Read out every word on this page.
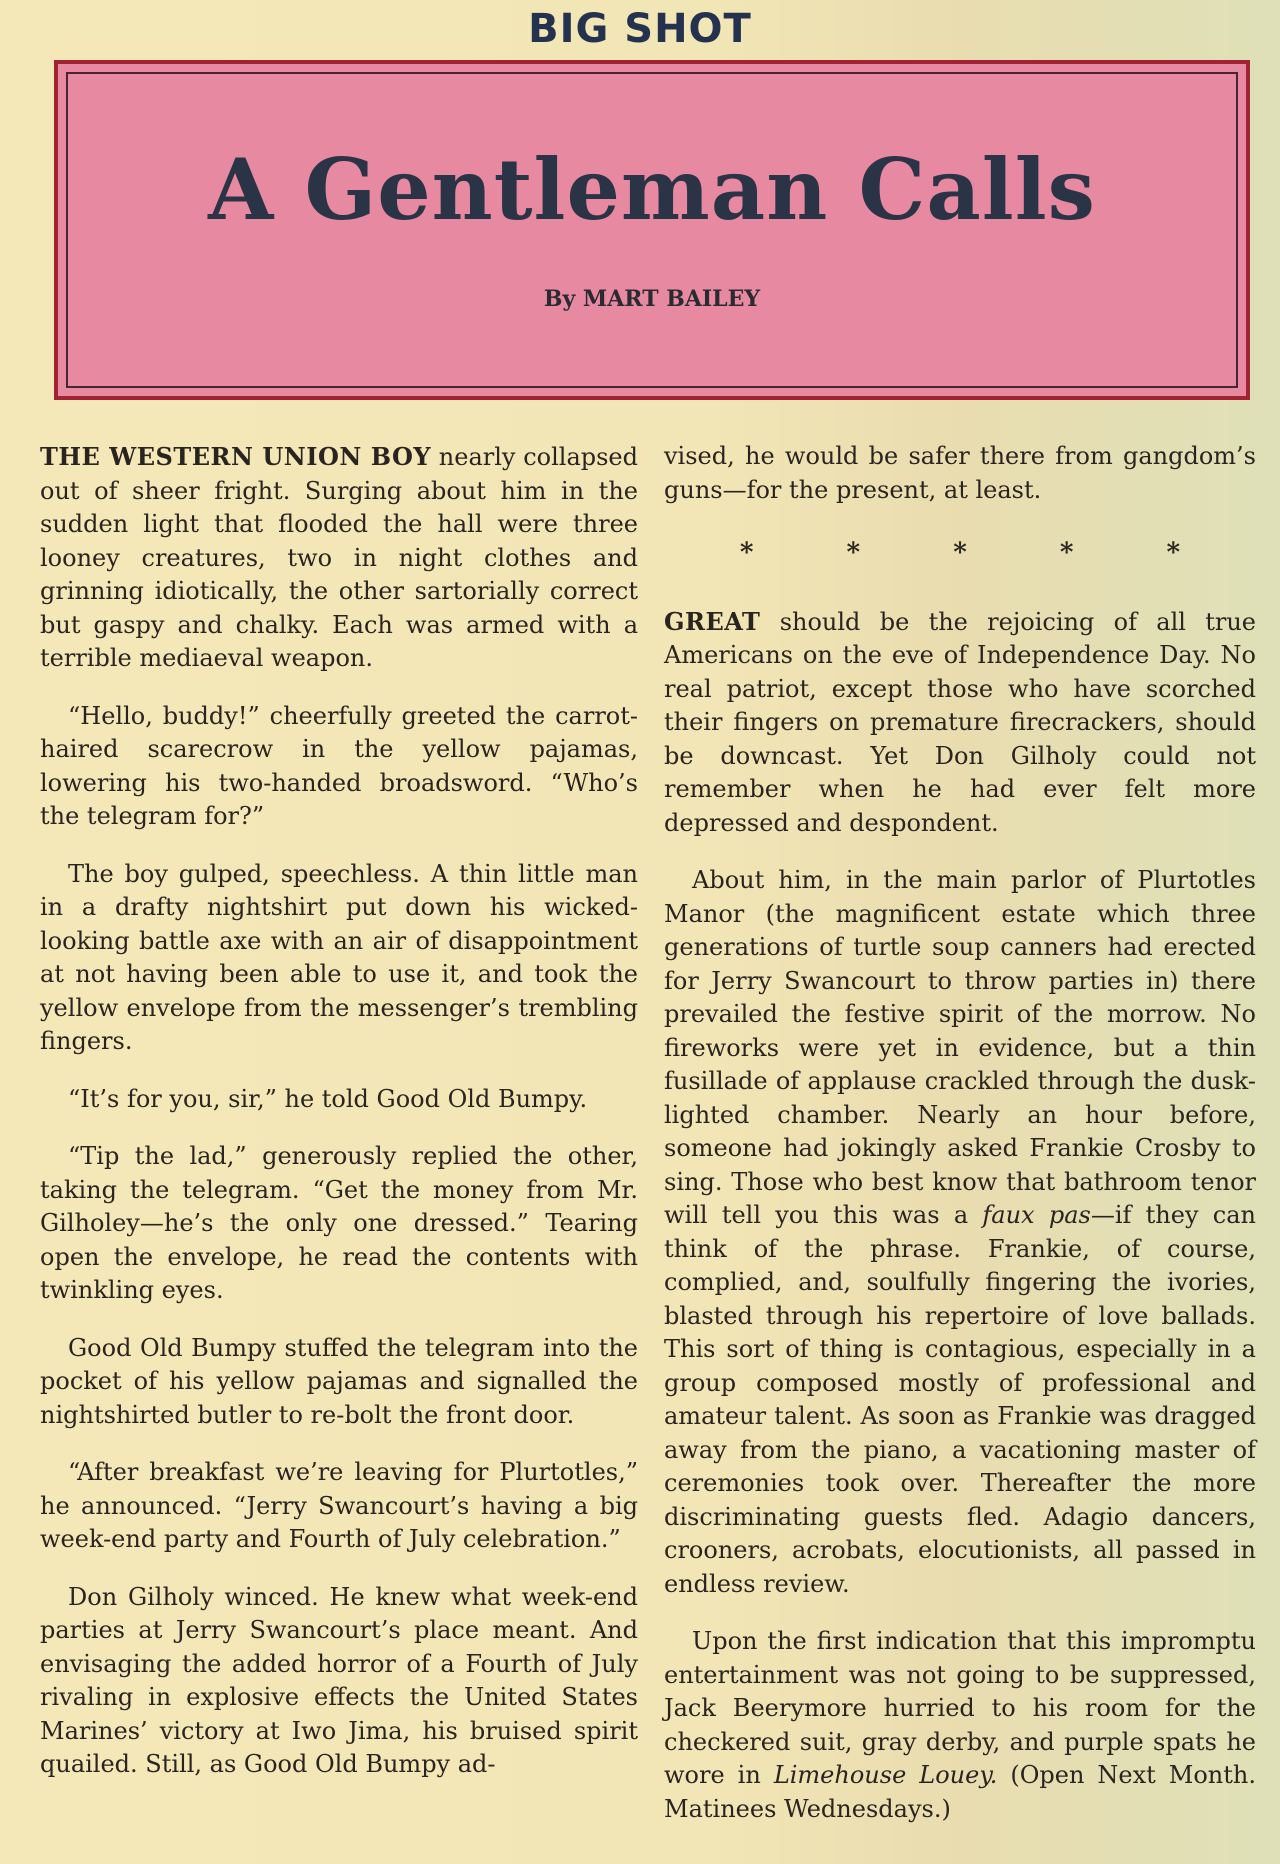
BIG SHOT
A Gentleman Calls
By MART BAILEY

THE WESTERN UNION BOY nearly collapsed out of sheer fright. Surging about him in the sudden light that flooded the hall were three looney creatures, two in night clothes and grinning idiotically, the other sartorially correct but gaspy and chalky. Each was armed with a terrible mediaeval weapon.

“Hello, buddy!” cheerfully greeted the carrot-haired scarecrow in the yellow pajamas, lowering his two-handed broadsword. “Who’s the telegram for?”

The boy gulped, speechless. A thin little man in a drafty nightshirt put down his wicked-looking battle axe with an air of disappointment at not having been able to use it, and took the yellow envelope from the messenger’s trembling fingers.

“It’s for you, sir,” he told Good Old Bumpy.

“Tip the lad,” generously replied the other, taking the telegram. “Get the money from Mr. Gilholey—he’s the only one dressed.” Tearing open the envelope, he read the contents with twinkling eyes.

Good Old Bumpy stuffed the telegram into the pocket of his yellow pajamas and signalled the nightshirted butler to re-bolt the front door.

“After breakfast we’re leaving for Plurtotles,” he announced. “Jerry Swancourt’s having a big week-end party and Fourth of July celebration.”

Don Gilholy winced. He knew what week-end parties at Jerry Swancourt’s place meant. And envisaging the added horror of a Fourth of July rivaling in explosive effects the United States Marines’ victory at Iwo Jima, his bruised spirit quailed. Still, as Good Old Bumpy ad-

vised, he would be safer there from gangdom’s guns—for the present, at least.

* * * * *

GREAT should be the rejoicing of all true Americans on the eve of Independence Day. No real patriot, except those who have scorched their fingers on premature firecrackers, should be downcast. Yet Don Gilholy could not remember when he had ever felt more depressed and despondent.

About him, in the main parlor of Plurtotles Manor (the magnificent estate which three generations of turtle soup canners had erected for Jerry Swancourt to throw parties in) there prevailed the festive spirit of the morrow. No fireworks were yet in evidence, but a thin fusillade of applause crackled through the dusk-lighted chamber. Nearly an hour before, someone had jokingly asked Frankie Crosby to sing. Those who best know that bathroom tenor will tell you this was a faux pas—if they can think of the phrase. Frankie, of course, complied, and, soulfully fingering the ivories, blasted through his repertoire of love ballads. This sort of thing is contagious, especially in a group composed mostly of professional and amateur talent. As soon as Frankie was dragged away from the piano, a vacationing master of ceremonies took over. Thereafter the more discriminating guests fled. Adagio dancers, crooners, acrobats, elocutionists, all passed in endless review.

Upon the first indication that this impromptu entertainment was not going to be suppressed, Jack Beerymore hurried to his room for the checkered suit, gray derby, and purple spats he wore in Limehouse Louey. (Open Next Month. Matinees Wednesdays.)
